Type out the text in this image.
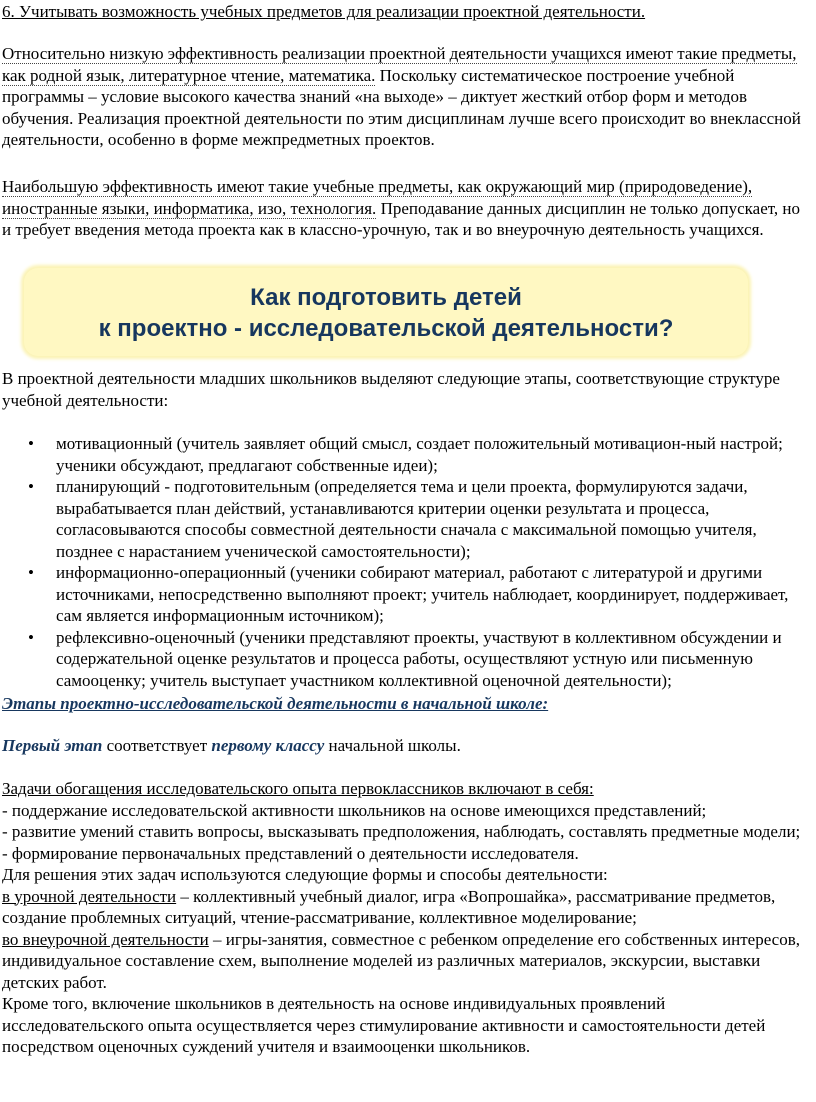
6. Учитывать возможность учебных предметов для реализации проектной деятельности.

Относительно низкую эффективность реализации проектной деятельности учащихся имеют такие предметы, как родной язык, литературное чтение, математика. Поскольку систематическое построение учебной программы – условие высокого качества знаний «на выходе» – диктует жесткий отбор форм и методов обучения. Реализация проектной деятельности по этим дисциплинам лучше всего происходит во внеклассной деятельности, особенно в форме межпредметных проектов.

Наибольшую эффективность имеют такие учебные предметы, как окружающий мир (природоведение), иностранные языки, информатика, изо, технология. Преподавание данных дисциплин не только допускает, но и требует введения метода проекта как в классно-урочную, так и во внеурочную деятельность учащихся.

Как подготовить детей
к проектно - исследовательской деятельности?

В проектной деятельности младших школьников выделяют следующие этапы, соответствующие структуре учебной деятельности:

• мотивационный (учитель заявляет общий смысл, создает положительный мотивацион-ный настрой; ученики обсуждают, предлагают собственные идеи);
• планирующий - подготовительным (определяется тема и цели проекта, формулируются задачи, вырабатывается план действий, устанавливаются критерии оценки результата и процесса, согласовываются способы совместной деятельности сначала с максимальной помощью учителя, позднее с нарастанием ученической самостоятельности);
• информационно-операционный (ученики собирают материал, работают с литературой и другими источниками, непосредственно выполняют проект; учитель наблюдает, координирует, поддерживает, сам является информационным источником);
• рефлексивно-оценочный (ученики представляют проекты, участвуют в коллективном обсуждении и содержательной оценке результатов и процесса работы, осуществляют устную или письменную самооценку; учитель выступает участником коллективной оценочной деятельности);

Этапы проектно-исследовательской деятельности в начальной школе:

Первый этап соответствует первому классу начальной школы.

Задачи обогащения исследовательского опыта первоклассников включают в себя:

- поддержание исследовательской активности школьников на основе имеющихся представлений;

- развитие умений ставить вопросы, высказывать предположения, наблюдать, составлять предметные модели;

- формирование первоначальных представлений о деятельности исследователя.

Для решения этих задач используются следующие формы и способы деятельности:

в урочной деятельности – коллективный учебный диалог, игра «Вопрошайка», рассматривание предметов, создание проблемных ситуаций, чтение-рассматривание, коллективное моделирование;

во внеурочной деятельности – игры-занятия, совместное с ребенком определение его собственных интересов, индивидуальное составление схем, выполнение моделей из различных материалов, экскурсии, выставки детских работ.

Кроме того, включение школьников в деятельность на основе индивидуальных проявлений исследовательского опыта осуществляется через стимулирование активности и самостоятельности детей посредством оценочных суждений учителя и взаимооценки школьников.
